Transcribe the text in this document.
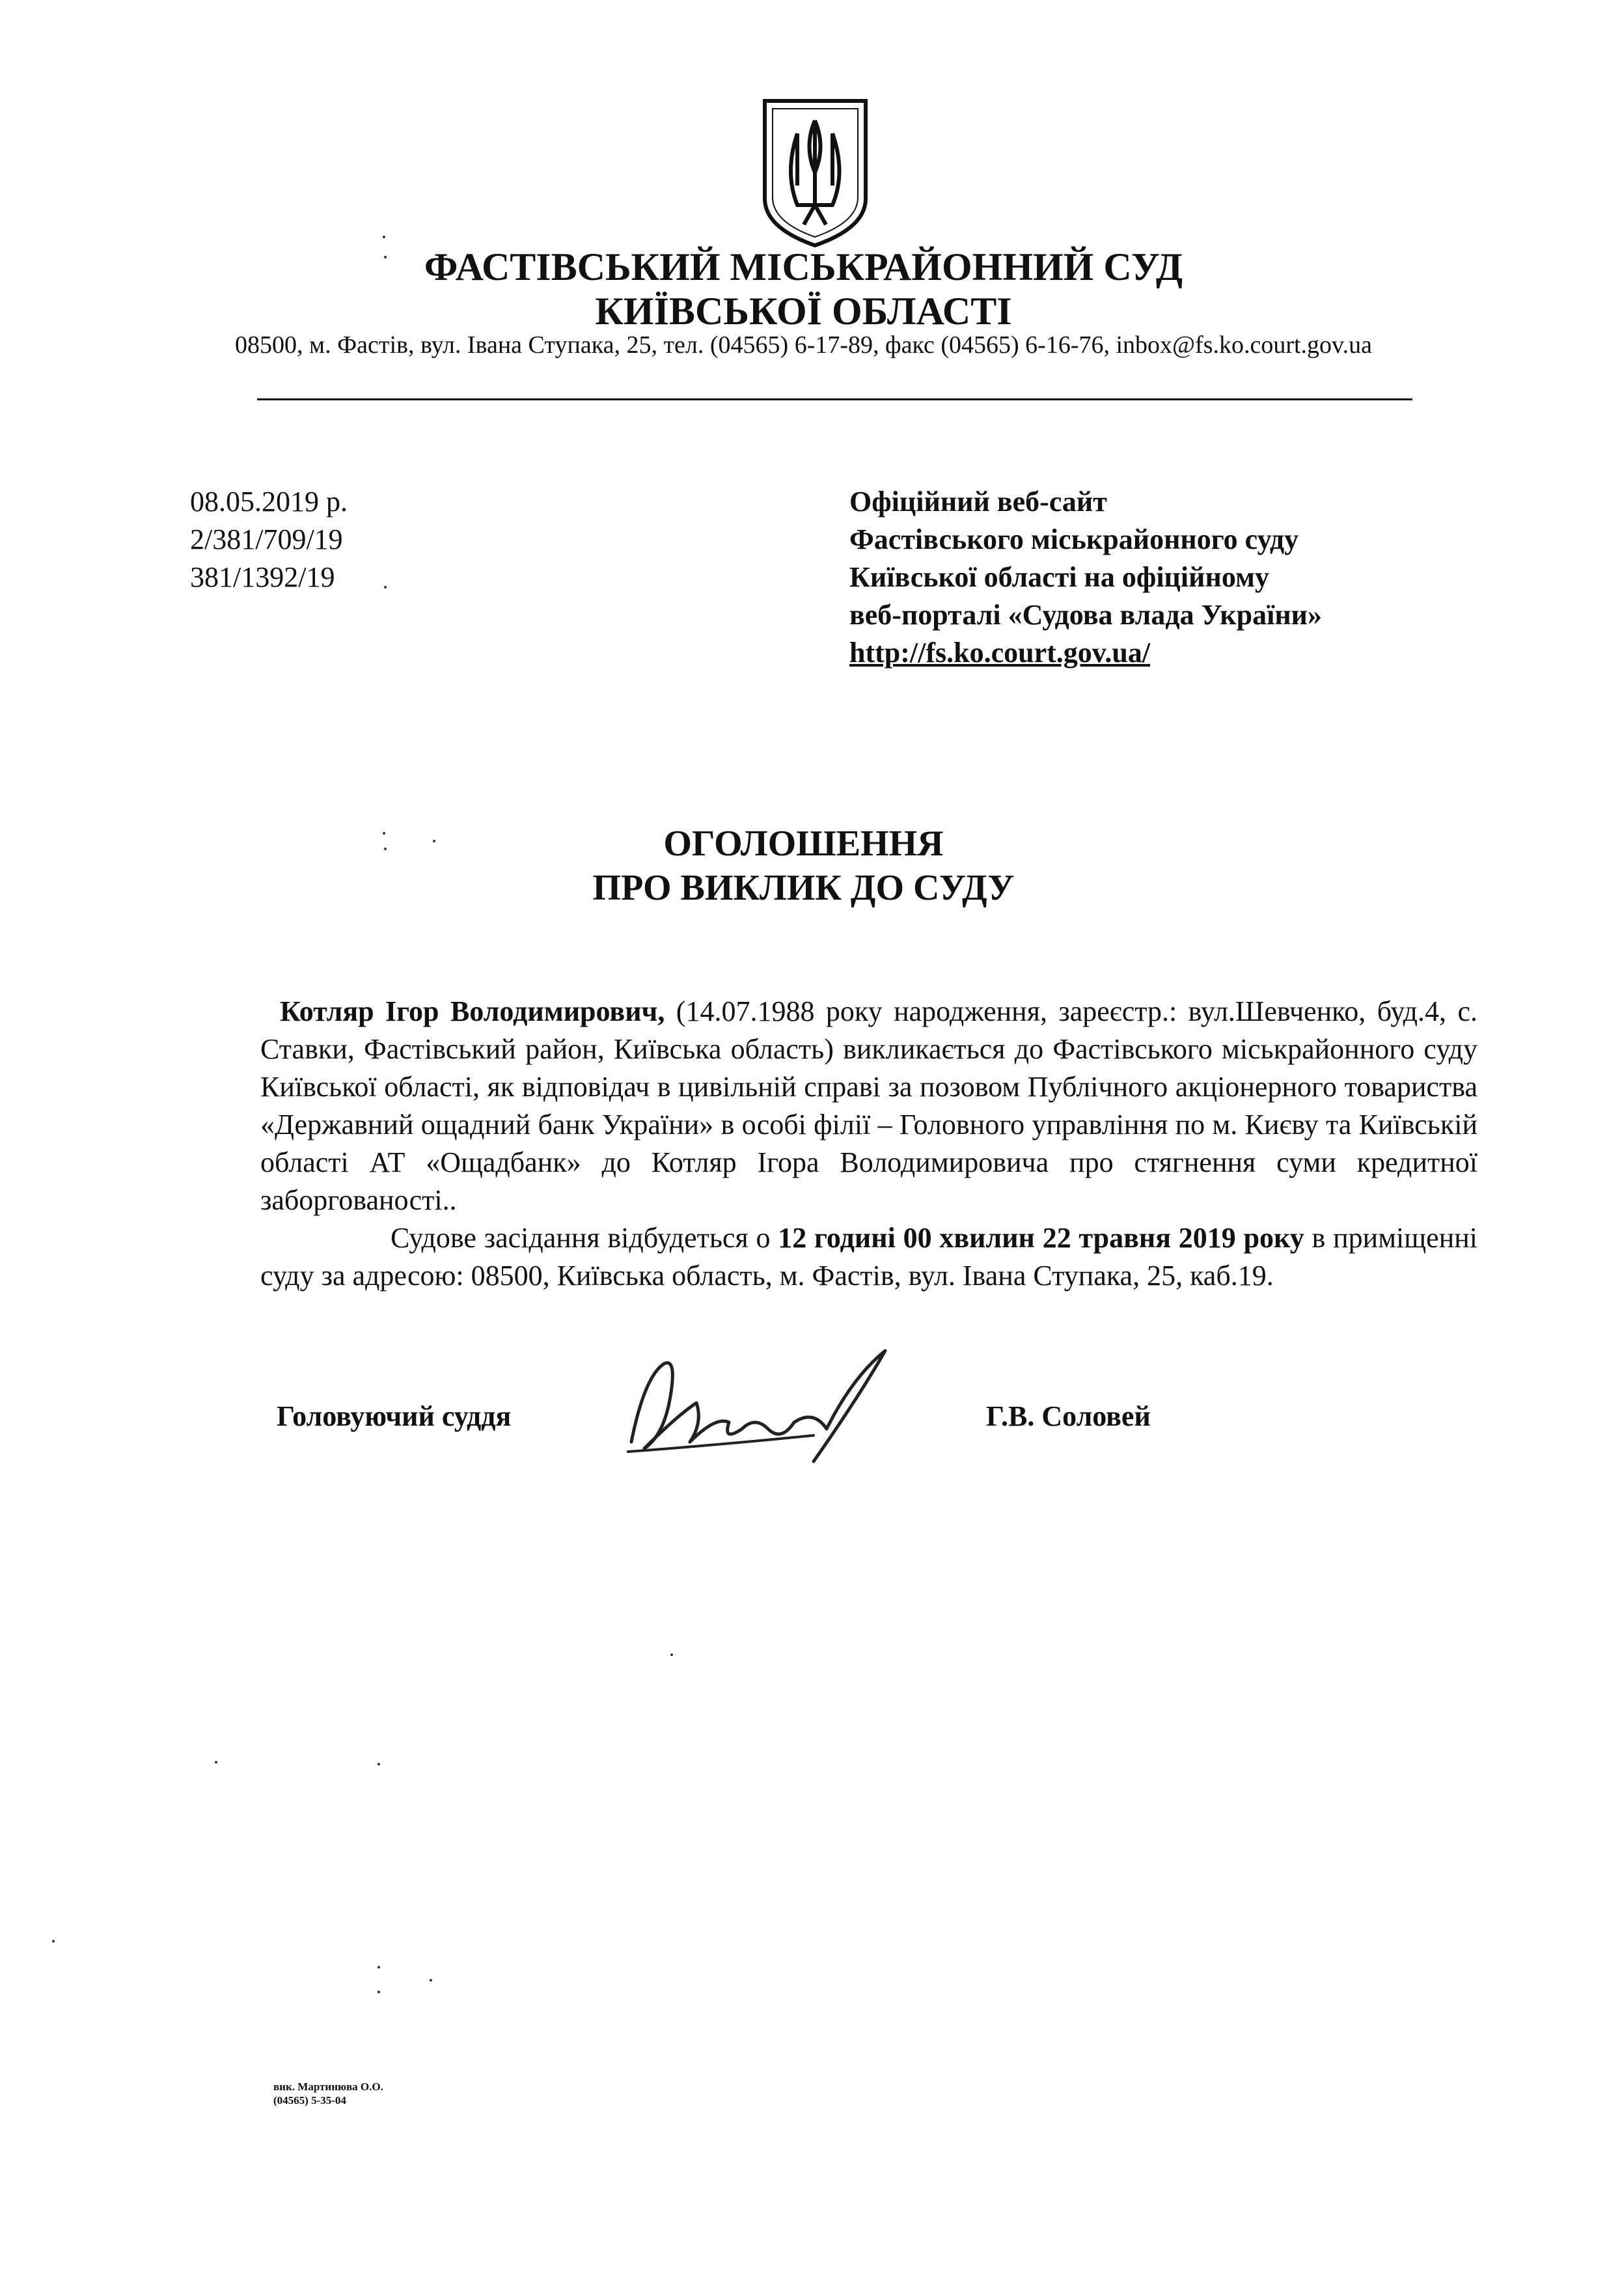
ФАСТІВСЬКИЙ МІСЬКРАЙОННИЙ СУД
КИЇВСЬКОЇ ОБЛАСТІ
08500, м. Фастів, вул. Івана Ступака, 25, тел. (04565) 6-17-89, факс (04565) 6-16-76, inbox@fs.ko.court.gov.ua
08.05.2019 р.
2/381/709/19
381/1392/19
Офіційний веб-сайт
Фастівського міськрайонного суду
Київської області на офіційному
веб-порталі «Судова влада України»
http://fs.ko.court.gov.ua/
ОГОЛОШЕННЯ
ПРО ВИКЛИК ДО СУДУ

Котляр Ігор Володимирович, (14.07.1988 року народження, зареєстр.: вул.Шевченко, буд.4, с. Ставки, Фастівський район, Київська область) викликається до Фастівського міськрайонного суду Київської області, як відповідач в цивільній справі за позовом Публічного акціонерного товариства «Державний ощадний банк України» в особі філії – Головного управління по м. Києву та Київській області АТ «Ощадбанк» до Котляр Ігора Володимировича про стягнення суми кредитної заборгованості..

Судове засідання відбудеться о 12 годині 00 хвилин 22 травня 2019 року в приміщенні суду за адресою: 08500, Київська область, м. Фастів, вул. Івана Ступака, 25, каб.19.

Головуючий суддя	Г.В. Соловей
вик. Мартинюва О.О.
(04565) 5-35-04
